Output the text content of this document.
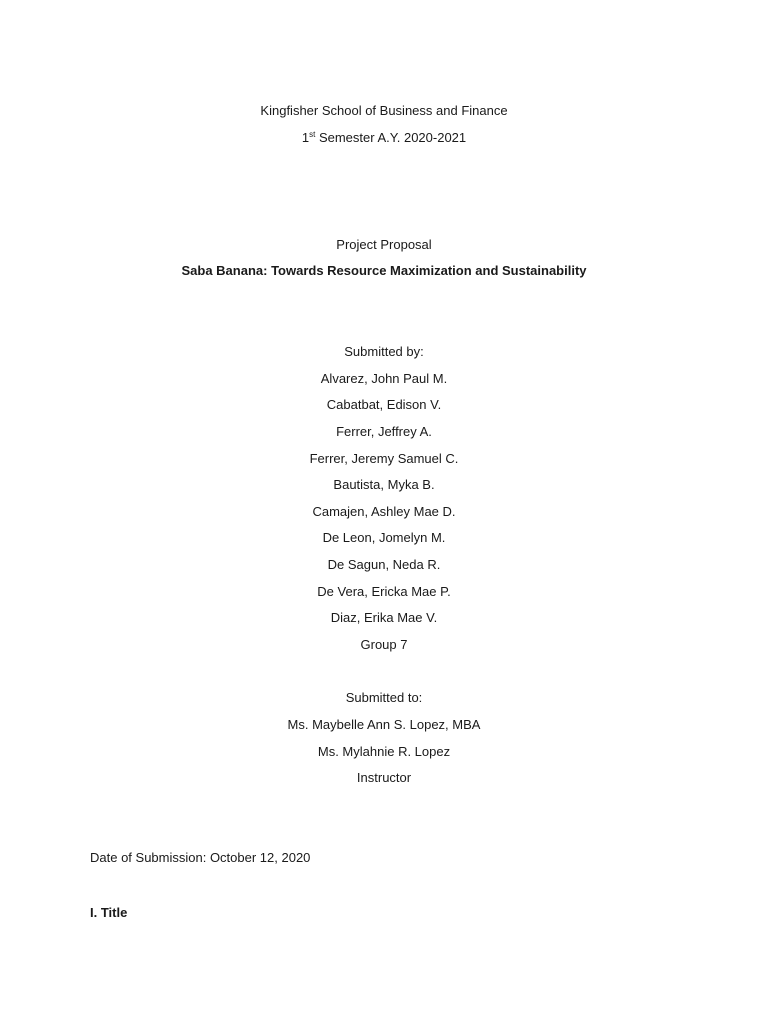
Kingfisher School of Business and Finance
1st Semester A.Y. 2020-2021
Project Proposal
Saba Banana: Towards Resource Maximization and Sustainability
Submitted by:
Alvarez, John Paul M.
Cabatbat, Edison V.
Ferrer, Jeffrey A.
Ferrer, Jeremy Samuel C.
Bautista, Myka B.
Camajen, Ashley Mae D.
De Leon, Jomelyn M.
De Sagun, Neda R.
De Vera, Ericka Mae P.
Diaz, Erika Mae V.
Group 7
Submitted to:
Ms. Maybelle Ann S. Lopez, MBA
Ms. Mylahnie R. Lopez
Instructor
Date of Submission: October 12, 2020
I. Title
